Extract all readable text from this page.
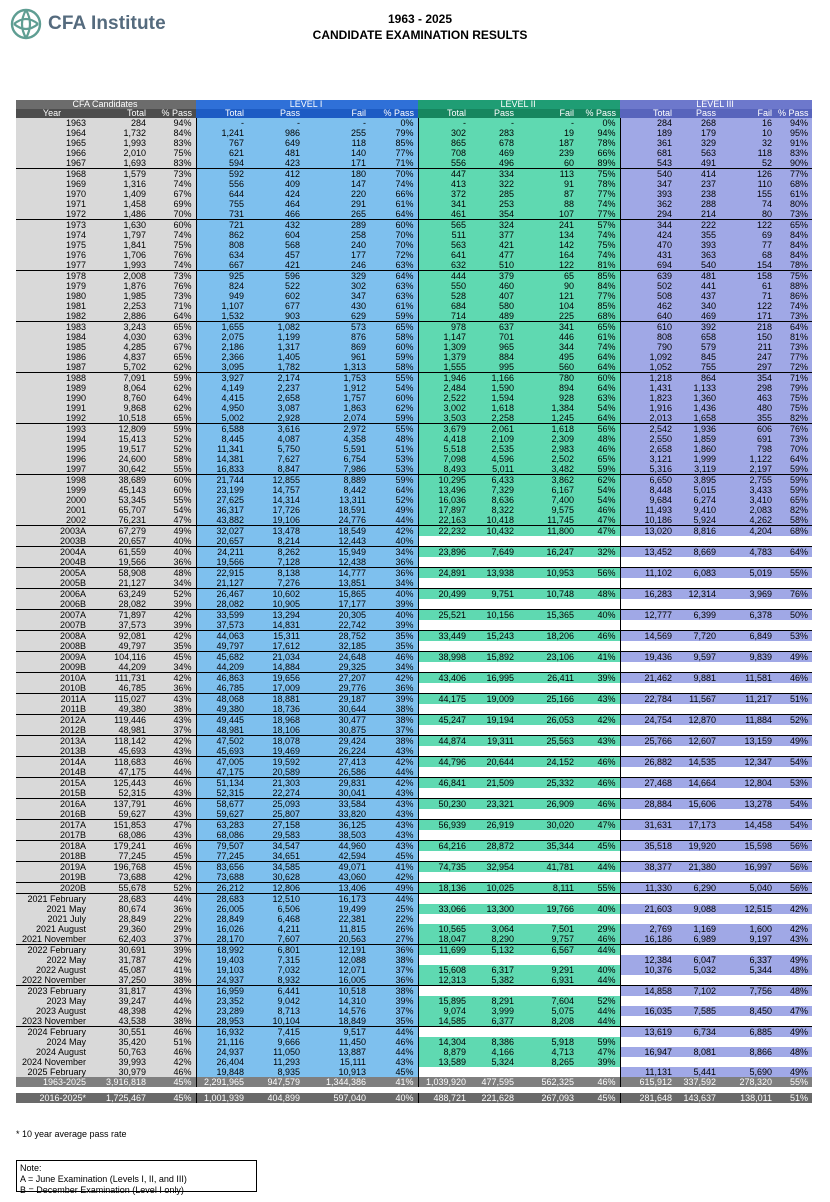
CFA Institute	1963 - 2025
CANDIDATE EXAMINATION RESULTS
CFA Candidates			LEVEL I				LEVEL II				LEVEL III			
Year	Total	% Pass	Total	Pass	Fail	% Pass	Total	Pass	Fail	% Pass	Total	Pass	Fail	% Pass
1963	284	94%	-	-	-	0%	-	-	-	0%	284	268	16	94%
1964	1,732	84%	1,241	986	255	79%	302	283	19	94%	189	179	10	95%
1965	1,993	83%	767	649	118	85%	865	678	187	78%	361	329	32	91%
1966	2,010	75%	621	481	140	77%	708	469	239	66%	681	563	118	83%
1967	1,693	83%	594	423	171	71%	556	496	60	89%	543	491	52	90%
1968	1,579	73%	592	412	180	70%	447	334	113	75%	540	414	126	77%
1969	1,316	74%	556	409	147	74%	413	322	91	78%	347	237	110	68%
1970	1,409	67%	644	424	220	66%	372	285	87	77%	393	238	155	61%
1971	1,458	69%	755	464	291	61%	341	253	88	74%	362	288	74	80%
1972	1,486	70%	731	466	265	64%	461	354	107	77%	294	214	80	73%
1973	1,630	60%	721	432	289	60%	565	324	241	57%	344	222	122	65%
1974	1,797	74%	862	604	258	70%	511	377	134	74%	424	355	69	84%
1975	1,841	75%	808	568	240	70%	563	421	142	75%	470	393	77	84%
1976	1,706	76%	634	457	177	72%	641	477	164	74%	431	363	68	84%
1977	1,993	74%	667	421	246	63%	632	510	122	81%	694	540	154	78%
1978	2,008	73%	925	596	329	64%	444	379	65	85%	639	481	158	75%
1979	1,876	76%	824	522	302	63%	550	460	90	84%	502	441	61	88%
1980	1,985	73%	949	602	347	63%	528	407	121	77%	508	437	71	86%
1981	2,253	71%	1,107	677	430	61%	684	580	104	85%	462	340	122	74%
1982	2,886	64%	1,532	903	629	59%	714	489	225	68%	640	469	171	73%
1983	3,243	65%	1,655	1,082	573	65%	978	637	341	65%	610	392	218	64%
1984	4,030	63%	2,075	1,199	876	58%	1,147	701	446	61%	808	658	150	81%
1985	4,285	67%	2,186	1,317	869	60%	1,309	965	344	74%	790	579	211	73%
1986	4,837	65%	2,366	1,405	961	59%	1,379	884	495	64%	1,092	845	247	77%
1987	5,702	62%	3,095	1,782	1,313	58%	1,555	995	560	64%	1,052	755	297	72%
1988	7,091	59%	3,927	2,174	1,753	55%	1,946	1,166	780	60%	1,218	864	354	71%
1989	8,064	62%	4,149	2,237	1,912	54%	2,484	1,590	894	64%	1,431	1,133	298	79%
1990	8,760	64%	4,415	2,658	1,757	60%	2,522	1,594	928	63%	1,823	1,360	463	75%
1991	9,868	62%	4,950	3,087	1,863	62%	3,002	1,618	1,384	54%	1,916	1,436	480	75%
1992	10,518	65%	5,002	2,928	2,074	59%	3,503	2,258	1,245	64%	2,013	1,658	355	82%
1993	12,809	59%	6,588	3,616	2,972	55%	3,679	2,061	1,618	56%	2,542	1,936	606	76%
1994	15,413	52%	8,445	4,087	4,358	48%	4,418	2,109	2,309	48%	2,550	1,859	691	73%
1995	19,517	52%	11,341	5,750	5,591	51%	5,518	2,535	2,983	46%	2,658	1,860	798	70%
1996	24,600	58%	14,381	7,627	6,754	53%	7,098	4,596	2,502	65%	3,121	1,999	1,122	64%
1997	30,642	55%	16,833	8,847	7,986	53%	8,493	5,011	3,482	59%	5,316	3,119	2,197	59%
1998	38,689	60%	21,744	12,855	8,889	59%	10,295	6,433	3,862	62%	6,650	3,895	2,755	59%
1999	45,143	60%	23,199	14,757	8,442	64%	13,496	7,329	6,167	54%	8,448	5,015	3,433	59%
2000	53,345	55%	27,625	14,314	13,311	52%	16,036	8,636	7,400	54%	9,684	6,274	3,410	65%
2001	65,707	54%	36,317	17,726	18,591	49%	17,897	8,322	9,575	46%	11,493	9,410	2,083	82%
2002	76,231	47%	43,882	19,106	24,776	44%	22,163	10,418	11,745	47%	10,186	5,924	4,262	58%
2003A	67,279	49%	32,027	13,478	18,549	42%	22,232	10,432	11,800	47%	13,020	8,816	4,204	68%
2003B	20,657	40%	20,657	8,214	12,443	40%								
2004A	61,559	40%	24,211	8,262	15,949	34%	23,896	7,649	16,247	32%	13,452	8,669	4,783	64%
2004B	19,566	36%	19,566	7,128	12,438	36%								
2005A	58,908	48%	22,915	8,138	14,777	36%	24,891	13,938	10,953	56%	11,102	6,083	5,019	55%
2005B	21,127	34%	21,127	7,276	13,851	34%								
2006A	63,249	52%	26,467	10,602	15,865	40%	20,499	9,751	10,748	48%	16,283	12,314	3,969	76%
2006B	28,082	39%	28,082	10,905	17,177	39%								
2007A	71,897	42%	33,599	13,294	20,305	40%	25,521	10,156	15,365	40%	12,777	6,399	6,378	50%
2007B	37,573	39%	37,573	14,831	22,742	39%								
2008A	92,081	42%	44,063	15,311	28,752	35%	33,449	15,243	18,206	46%	14,569	7,720	6,849	53%
2008B	49,797	35%	49,797	17,612	32,185	35%								
2009A	104,116	45%	45,682	21,034	24,648	46%	38,998	15,892	23,106	41%	19,436	9,597	9,839	49%
2009B	44,209	34%	44,209	14,884	29,325	34%								
2010A	111,731	42%	46,863	19,656	27,207	42%	43,406	16,995	26,411	39%	21,462	9,881	11,581	46%
2010B	46,785	36%	46,785	17,009	29,776	36%								
2011A	115,027	43%	48,068	18,881	29,187	39%	44,175	19,009	25,166	43%	22,784	11,567	11,217	51%
2011B	49,380	38%	49,380	18,736	30,644	38%								
2012A	119,446	43%	49,445	18,968	30,477	38%	45,247	19,194	26,053	42%	24,754	12,870	11,884	52%
2012B	48,981	37%	48,981	18,106	30,875	37%								
2013A	118,142	42%	47,502	18,078	29,424	38%	44,874	19,311	25,563	43%	25,766	12,607	13,159	49%
2013B	45,693	43%	45,693	19,469	26,224	43%								
2014A	118,683	46%	47,005	19,592	27,413	42%	44,796	20,644	24,152	46%	26,882	14,535	12,347	54%
2014B	47,175	44%	47,175	20,589	26,586	44%								
2015A	125,443	46%	51,134	21,303	29,831	42%	46,841	21,509	25,332	46%	27,468	14,664	12,804	53%
2015B	52,315	43%	52,315	22,274	30,041	43%								
2016A	137,791	46%	58,677	25,093	33,584	43%	50,230	23,321	26,909	46%	28,884	15,606	13,278	54%
2016B	59,627	43%	59,627	25,807	33,820	43%								
2017A	151,853	47%	63,283	27,158	36,125	43%	56,939	26,919	30,020	47%	31,631	17,173	14,458	54%
2017B	68,086	43%	68,086	29,583	38,503	43%								
2018A	179,241	46%	79,507	34,547	44,960	43%	64,216	28,872	35,344	45%	35,518	19,920	15,598	56%
2018B	77,245	45%	77,245	34,651	42,594	45%								
2019A	196,768	45%	83,656	34,585	49,071	41%	74,735	32,954	41,781	44%	38,377	21,380	16,997	56%
2019B	73,688	42%	73,688	30,628	43,060	42%								
2020B	55,678	52%	26,212	12,806	13,406	49%	18,136	10,025	8,111	55%	11,330	6,290	5,040	56%
2021 February	28,683	44%	28,683	12,510	16,173	44%								
2021 May	80,674	36%	26,005	6,506	19,499	25%	33,066	13,300	19,766	40%	21,603	9,088	12,515	42%
2021 July	28,849	22%	28,849	6,468	22,381	22%								
2021 August	29,360	29%	16,026	4,211	11,815	26%	10,565	3,064	7,501	29%	2,769	1,169	1,600	42%
2021 November	62,403	37%	28,170	7,607	20,563	27%	18,047	8,290	9,757	46%	16,186	6,989	9,197	43%
2022 February	30,691	39%	18,992	6,801	12,191	36%	11,699	5,132	6,567	44%				
2022 May	31,787	42%	19,403	7,315	12,088	38%					12,384	6,047	6,337	49%
2022 August	45,087	41%	19,103	7,032	12,071	37%	15,608	6,317	9,291	40%	10,376	5,032	5,344	48%
2022 November	37,250	38%	24,937	8,932	16,005	36%	12,313	5,382	6,931	44%				
2023 February	31,817	43%	16,959	6,441	10,518	38%					14,858	7,102	7,756	48%
2023 May	39,247	44%	23,352	9,042	14,310	39%	15,895	8,291	7,604	52%				
2023 August	48,398	42%	23,289	8,713	14,576	37%	9,074	3,999	5,075	44%	16,035	7,585	8,450	47%
2023 November	43,538	38%	28,953	10,104	18,849	35%	14,585	6,377	8,208	44%				
2024 February	30,551	46%	16,932	7,415	9,517	44%					13,619	6,734	6,885	49%
2024 May	35,420	51%	21,116	9,666	11,450	46%	14,304	8,386	5,918	59%				
2024 August	50,763	46%	24,937	11,050	13,887	44%	8,879	4,166	4,713	47%	16,947	8,081	8,866	48%
2024 November	39,993	42%	26,404	11,293	15,111	43%	13,589	5,324	8,265	39%				
2025 February	30,979	46%	19,848	8,935	10,913	45%					11,131	5,441	5,690	49%
1963-2025	3,916,818	45%	2,291,965	947,579	1,344,386	41%	1,039,920	477,595	562,325	46%	615,912	337,592	278,320	55%

2016-2025*	1,725,467	45%	1,001,939	404,899	597,040	40%	488,721	221,628	267,093	45%	281,648	143,637	138,011	51%
* 10 year average pass rate
Note:
A = June Examination (Levels I, II, and III)
B = December Examination (Level I only)
